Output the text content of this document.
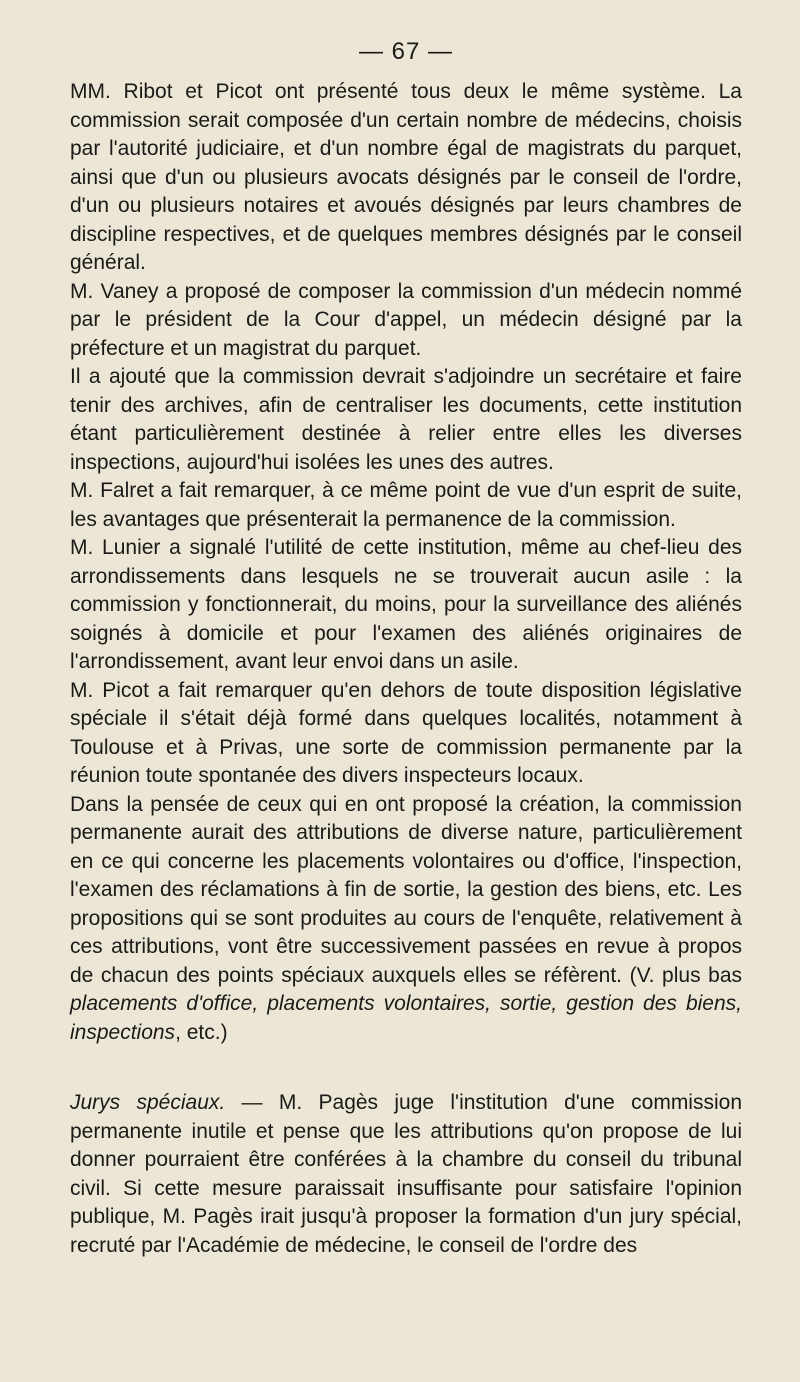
— 67 —

MM. Ribot et Picot ont présenté tous deux le même système. La commission serait composée d'un certain nombre de médecins, choisis par l'autorité judiciaire, et d'un nombre égal de magistrats du parquet, ainsi que d'un ou plusieurs avocats désignés par le conseil de l'ordre, d'un ou plusieurs notaires et avoués désignés par leurs chambres de discipline respectives, et de quelques membres désignés par le conseil général.

M. Vaney a proposé de composer la commission d'un médecin nommé par le président de la Cour d'appel, un médecin désigné par la préfecture et un magistrat du parquet.

Il a ajouté que la commission devrait s'adjoindre un secrétaire et faire tenir des archives, afin de centraliser les documents, cette institution étant particulièrement destinée à relier entre elles les diverses inspections, aujourd'hui isolées les unes des autres.

M. Falret a fait remarquer, à ce même point de vue d'un esprit de suite, les avantages que présenterait la permanence de la commission.

M. Lunier a signalé l'utilité de cette institution, même au chef-lieu des arrondissements dans lesquels ne se trouverait aucun asile : la commission y fonctionnerait, du moins, pour la surveillance des aliénés soignés à domicile et pour l'examen des aliénés originaires de l'arrondissement, avant leur envoi dans un asile.

M. Picot a fait remarquer qu'en dehors de toute disposition législative spéciale il s'était déjà formé dans quelques localités, notamment à Toulouse et à Privas, une sorte de commission permanente par la réunion toute spontanée des divers inspecteurs locaux.

Dans la pensée de ceux qui en ont proposé la création, la commission permanente aurait des attributions de diverse nature, particulièrement en ce qui concerne les placements volontaires ou d'office, l'inspection, l'examen des réclamations à fin de sortie, la gestion des biens, etc. Les propositions qui se sont produites au cours de l'enquête, relativement à ces attributions, vont être successivement passées en revue à propos de chacun des points spéciaux auxquels elles se réfèrent. (V. plus bas placements d'office, placements volontaires, sortie, gestion des biens, inspections, etc.)

Jurys spéciaux. — M. Pagès juge l'institution d'une commission permanente inutile et pense que les attributions qu'on propose de lui donner pourraient être conférées à la chambre du conseil du tribunal civil. Si cette mesure paraissait insuffisante pour satisfaire l'opinion publique, M. Pagès irait jusqu'à proposer la formation d'un jury spécial, recruté par l'Académie de médecine, le conseil de l'ordre des
